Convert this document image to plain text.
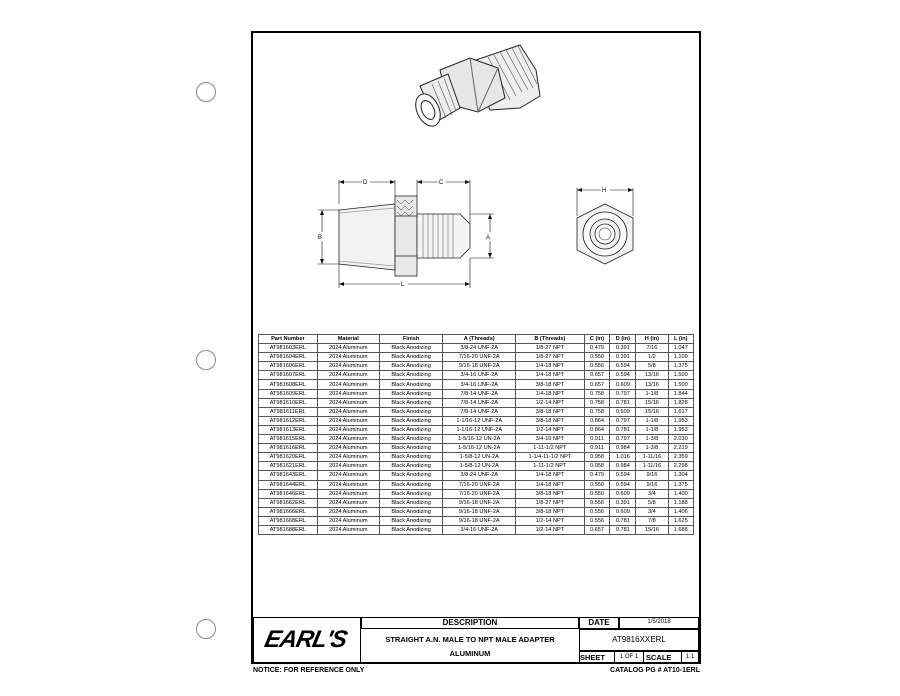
D	C
B	A
L
H
Part Number	Material	Finish	A (Threads)	B (Threads)	C (in)	D (in)	H (in)	L (in)
AT981603ERL	2024 Aluminum	Black Anodizing	3/8-24 UNF-2A	1/8-27 NPT	0.479	0.391	7/16	1.047
AT981604ERL	2024 Aluminum	Black Anodizing	7/16-20 UNF-2A	1/8-27 NPT	0.550	0.391	1/2	1.109
AT981606ERL	2024 Aluminum	Black Anodizing	9/16-18 UNF-2A	1/4-18 NPT	0.556	0.594	5/8	1.375
AT981607ERL	2024 Aluminum	Black Anodizing	3/4-16 UNF-2A	1/4-18 NPT	0.657	0.594	13/16	1.500
AT981608ERL	2024 Aluminum	Black Anodizing	3/4-16 UNF-2A	3/8-18 NPT	0.657	0.609	13/16	1.500
AT981609ERL	2024 Aluminum	Black Anodizing	7/8-14 UNF-2A	1/4-18 NPT	0.758	0.797	1-1/8	1.844
AT981610ERL	2024 Aluminum	Black Anodizing	7/8-14 UNF-2A	1/2-14 NPT	0.758	0.781	15/16	1.828
AT981611ERL	2024 Aluminum	Black Anodizing	7/8-14 UNF-2A	3/8-18 NPT	0.758	0.609	15/16	1.617
AT981612ERL	2024 Aluminum	Black Anodizing	1-1/16-12 UNF-2A	3/8-18 NPT	0.864	0.797	1-1/8	1.953
AT981613ERL	2024 Aluminum	Black Anodizing	1-1/16-12 UNF-2A	1/2-14 NPT	0.864	0.781	1-1/8	1.953
AT981615ERL	2024 Aluminum	Black Anodizing	1-5/16-12 UN-2A	3/4-16 NPT	0.911	0.797	1-3/8	2.030
AT981616ERL	2024 Aluminum	Black Anodizing	1-5/16-12 UN-2A	1-11-1/2 NPT	0.911	0.984	1-3/8	2.219
AT981620ERL	2024 Aluminum	Black Anodizing	1-5/8-12 UN-2A	1-1/4-11-1/2 NPT	0.958	1.016	1-11/16	2.359
AT981621ERL	2024 Aluminum	Black Anodizing	1-5/8-12 UN-2A	1-11-1/2 NPT	0.958	0.984	1-11/16	2.298
AT981643ERL	2024 Aluminum	Black Anodizing	3/8-24 UNF-2A	1/4-18 NPT	0.479	0.594	9/16	1.304
AT981644ERL	2024 Aluminum	Black Anodizing	7/16-20 UNF-2A	1/4-18 NPT	0.550	0.594	9/16	1.375
AT981646ERL	2024 Aluminum	Black Anodizing	7/16-20 UNF-2A	3/8-18 NPT	0.550	0.609	3/4	1.400
AT981662ERL	2024 Aluminum	Black Anodizing	9/16-18 UNF-2A	1/8-27 NPT	0.556	0.391	5/8	1.188
AT981666ERL	2024 Aluminum	Black Anodizing	9/16-18 UNF-2A	3/8-18 NPT	0.556	0.609	3/4	1.406
AT981668ERL	2024 Aluminum	Black Anodizing	9/16-18 UNF-2A	1/2-14 NPT	0.556	0.781	7/8	1.625
AT981688ERL	2024 Aluminum	Black Anodizing	3/4-16 UNF-2A	1/2-14 NPT	0.657	0.781	15/16	1.688
EARL'S
DESCRIPTION
STRAIGHT A.N. MALE TO NPT MALE ADAPTER
ALUMINUM
DATE	1/5/2018
AT9816XXERL
SHEET	1 OF 1	SCALE	1:1
NOTICE: FOR REFERENCE ONLY	CATALOG PG # AT10-1ERL
